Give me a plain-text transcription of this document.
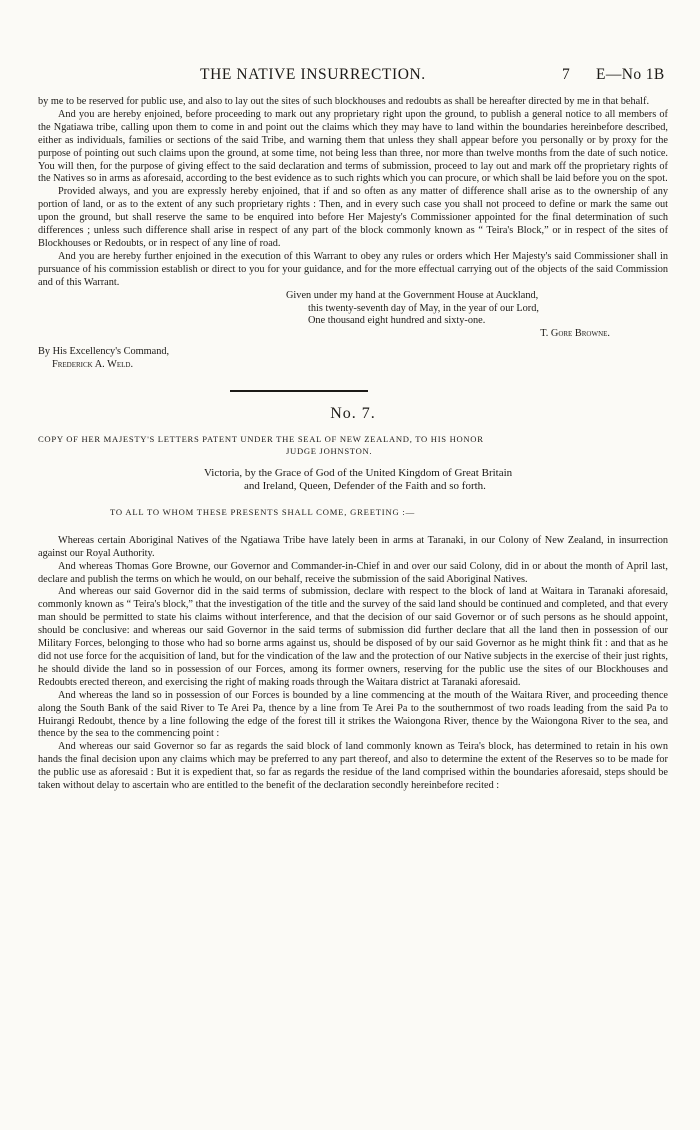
THE NATIVE INSURRECTION.	7 E—No 1B

by me to be reserved for public use, and also to lay out the sites of such blockhouses and redoubts as shall be hereafter directed by me in that behalf.

And you are hereby enjoined, before proceeding to mark out any proprietary right upon the ground, to publish a general notice to all members of the Ngatiawa tribe, calling upon them to come in and point out the claims which they may have to land within the boundaries hereinbefore described, either as individuals, families or sections of the said Tribe, and warning them that unless they shall appear before you personally or by proxy for the purpose of pointing out such claims upon the ground, at some time, not being less than three, nor more than twelve months from the date of such notice. You will then, for the purpose of giving effect to the said declaration and terms of submission, proceed to lay out and mark off the proprietary rights of the Natives so in arms as aforesaid, according to the best evidence as to such rights which you can procure, or which shall be laid before you on the spot.

Provided always, and you are expressly hereby enjoined, that if and so often as any matter of difference shall arise as to the ownership of any portion of land, or as to the extent of any such proprietary rights : Then, and in every such case you shall not proceed to define or mark the same out upon the ground, but shall reserve the same to be enquired into before Her Majesty's Commissioner appointed for the final determination of such differences ; unless such difference shall arise in respect of any part of the block commonly known as “ Teira's Block,” or in respect of the sites of Blockhouses or Redoubts, or in respect of any line of road.

And you are hereby further enjoined in the execution of this Warrant to obey any rules or orders which Her Majesty's said Commissioner shall in pursuance of his commission establish or direct to you for your guidance, and for the more effectual carrying out of the objects of the said Commission and of this Warrant.

Given under my hand at the Government House at Auckland,
this twenty-seventh day of May, in the year of our Lord,
One thousand eight hundred and sixty-one.
T. Gore Browne.
By His Excellency's Command,
Frederick A. Weld.
No. 7.
COPY OF HER MAJESTY'S LETTERS PATENT UNDER THE SEAL OF NEW ZEALAND, TO HIS HONOR
JUDGE JOHNSTON.
Victoria, by the Grace of God of the United Kingdom of Great Britain
and Ireland, Queen, Defender of the Faith and so forth.
TO ALL TO WHOM THESE PRESENTS SHALL COME, GREETING :—

Whereas certain Aboriginal Natives of the Ngatiawa Tribe have lately been in arms at Taranaki, in our Colony of New Zealand, in insurrection against our Royal Authority.

And whereas Thomas Gore Browne, our Governor and Commander-in-Chief in and over our said Colony, did in or about the month of April last, declare and publish the terms on which he would, on our behalf, receive the submission of the said Aboriginal Natives.

And whereas our said Governor did in the said terms of submission, declare with respect to the block of land at Waitara in Taranaki aforesaid, commonly known as “ Teira's block,” that the investigation of the title and the survey of the said land should be continued and completed, and that every man should be permitted to state his claims without interference, and that the decision of our said Governor or of such persons as he should appoint, should be conclusive: and whereas our said Governor in the said terms of submission did further declare that all the land then in possession of our Military Forces, belonging to those who had so borne arms against us, should be disposed of by our said Governor as he might think fit : and that as he did not use force for the acquisition of land, but for the vindication of the law and the protection of our Native subjects in the exercise of their just rights, he should divide the land so in possession of our Forces, among its former owners, reserving for the public use the sites of our Blockhouses and Redoubts erected thereon, and exercising the right of making roads through the Waitara district at Taranaki aforesaid.

And whereas the land so in possession of our Forces is bounded by a line commencing at the mouth of the Waitara River, and proceeding thence along the South Bank of the said River to Te Arei Pa, thence by a line from Te Arei Pa to the southernmost of two roads leading from the said Pa to Huirangi Redoubt, thence by a line following the edge of the forest till it strikes the Waiongona River, thence by the Waiongona River to the sea, and thence by the sea to the commencing point :

And whereas our said Governor so far as regards the said block of land commonly known as Teira's block, has determined to retain in his own hands the final decision upon any claims which may be preferred to any part thereof, and also to determine the extent of the Reserves so to be made for the public use as aforesaid : But it is expedient that, so far as regards the residue of the land comprised within the boundaries aforesaid, steps should be taken without delay to ascertain who are entitled to the benefit of the declaration secondly hereinbefore recited :
